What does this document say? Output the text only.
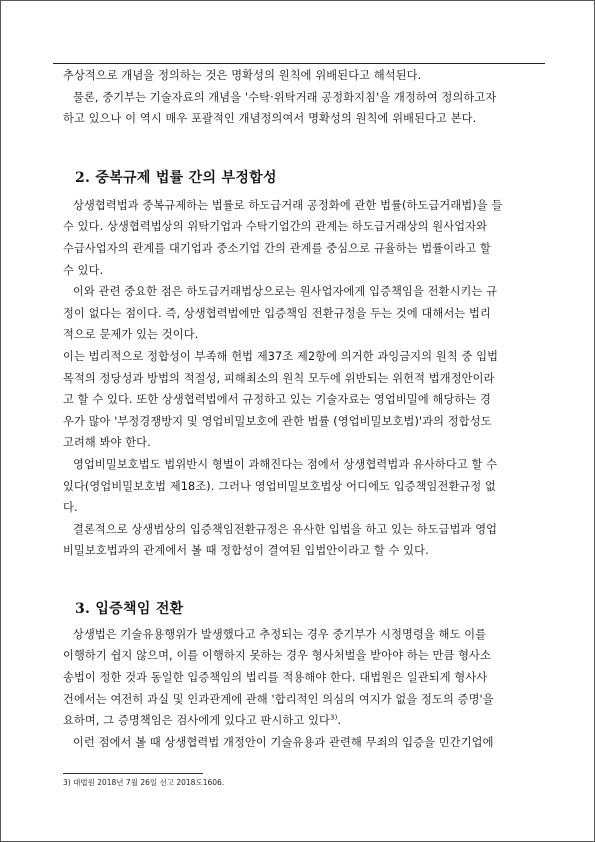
추상적으로 개념을 정의하는 것은 명확성의 원칙에 위배된다고 해석된다.

물론, 중기부는 기술자료의 개념을 '수탁·위탁거래 공정화지침'을 개정하여 정의하고자
하고 있으나 이 역시 매우 포괄적인 개념정의여서 명확성의 원칙에 위배된다고 본다.

2. 중복규제 법률 간의 부정합성

상생협력법과 중복규제하는 법률로 하도급거래 공정화에 관한 법률(하도급거래법)을 들
수 있다. 상생협력법상의 위탁기업과 수탁기업간의 관계는 하도급거래상의 원사업자와
수급사업자의 관계를 대기업과 중소기업 간의 관계를 중심으로 규율하는 법률이라고 할
수 있다.

이와 관련 중요한 점은 하도급거래법상으로는 원사업자에게 입증책임을 전환시키는 규
정이 없다는 점이다. 즉, 상생협력법에만 입증책임 전환규정을 두는 것에 대해서는 법리
적으로 문제가 있는 것이다.

이는 법리적으로 정합성이 부족해 헌법 제37조 제2항에 의거한 과잉금지의 원칙 중 입법
목적의 정당성과 방법의 적절성, 피해최소의 원칙 모두에 위반되는 위헌적 법개정안이라
고 할 수 있다. 또한 상생협력법에서 규정하고 있는 기술자료는 영업비밀에 해당하는 경
우가 많아 '부정경쟁방지 및 영업비밀보호에 관한 법률 (영업비밀보호법)'과의 정합성도
고려해 봐야 한다.

영업비밀보호법도 법위반시 형벌이 과해진다는 점에서 상생협력법과 유사하다고 할 수
있다(영업비밀보호법 제18조). 그러나 영업비밀보호법상 어디에도 입증책임전환규정 없
다.

결론적으로 상생법상의 입증책임전환규정은 유사한 입법을 하고 있는 하도급법과 영업
비밀보호법과의 관계에서 볼 때 정합성이 결여된 입법안이라고 할 수 있다.

3. 입증책임 전환

상생법은 기술유용행위가 발생했다고 추정되는 경우 중기부가 시정명령을 해도 이를
이행하기 쉽지 않으며, 이를 이행하지 못하는 경우 형사처벌을 받아야 하는 만큼 형사소
송법이 정한 것과 동일한 입증책임의 법리를 적용해야 한다. 대법원은 일관되게 형사사
건에서는 여전히 과실 및 인과관계에 관해 '합리적인 의심의 여지가 없을 정도의 증명'을
요하며, 그 증명책임은 검사에게 있다고 판시하고 있다$^{3)}$.

이런 점에서 볼 때 상생협력법 개정안이 기술유용과 관련해 무죄의 입증을 민간기업에

3) 대법원 2018년 7월 26일 선고 2018도1606.
